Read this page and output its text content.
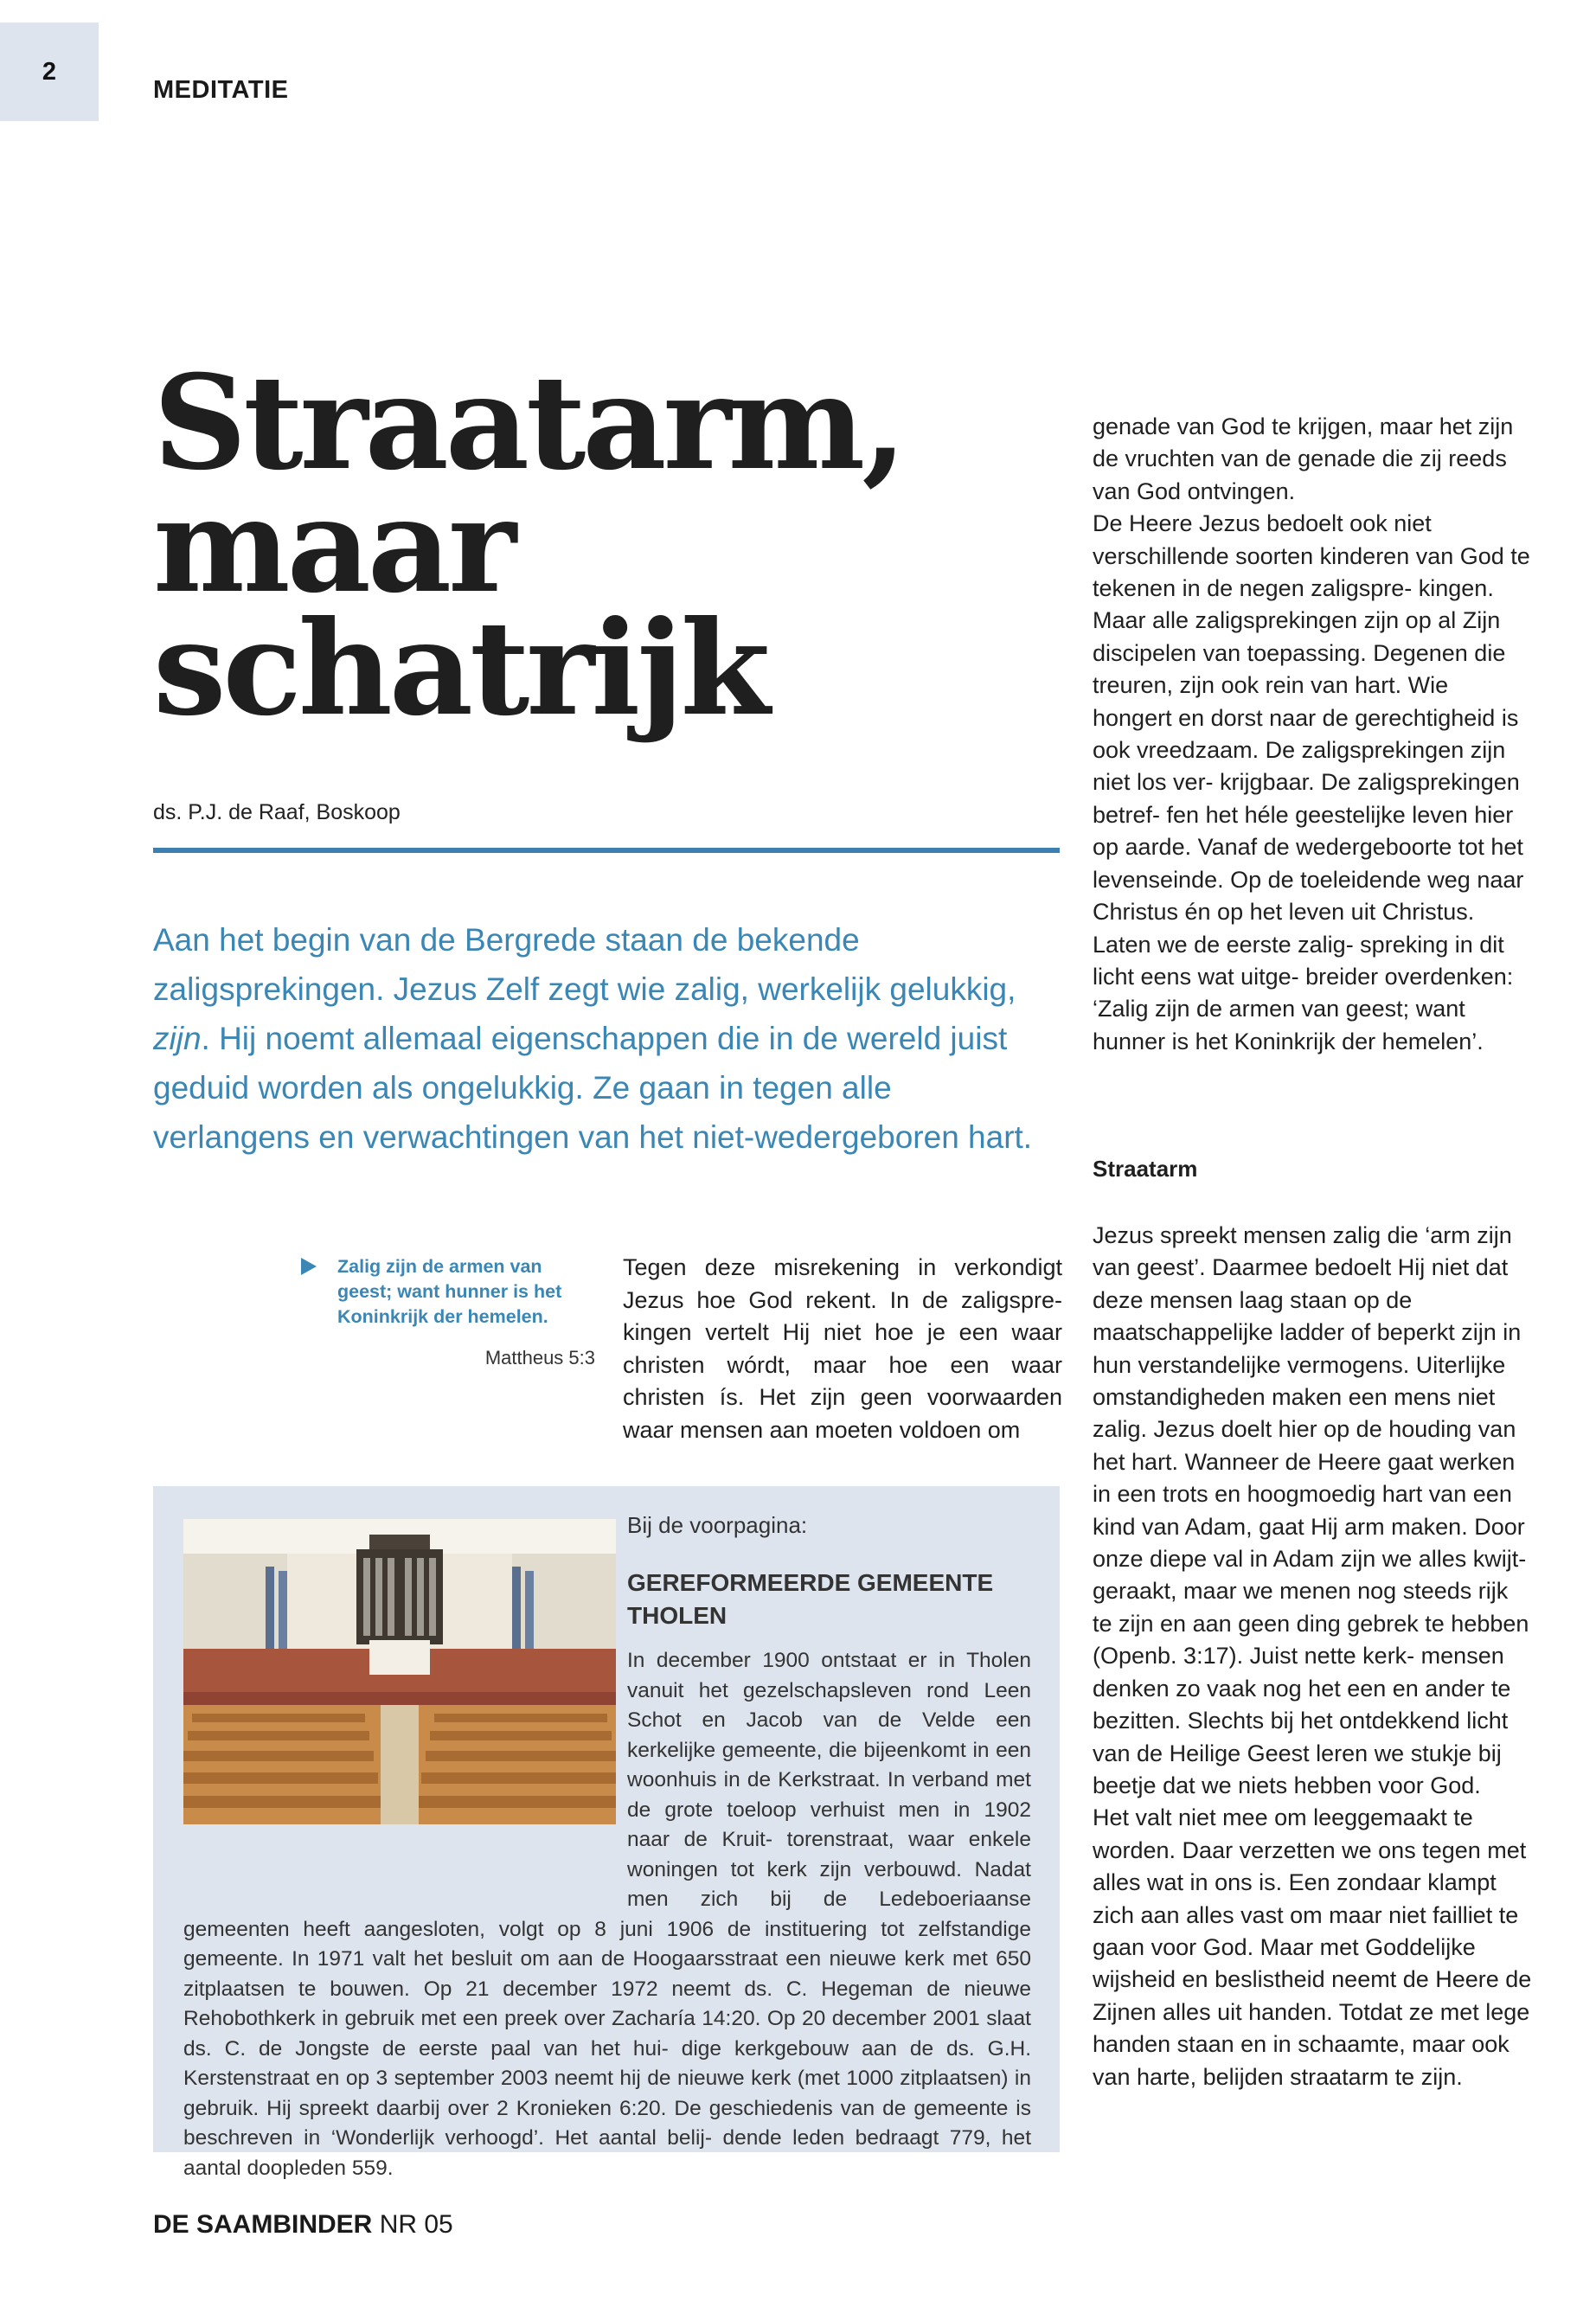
2
MEDITATIE
Straatarm,
maar
schatrijk
ds. P.J. de Raaf, Boskoop

Aan het begin van de Bergrede staan de bekende zaligsprekingen. Jezus Zelf zegt wie zalig, werkelijk gelukkig, zijn. Hij noemt allemaal eigenschappen die in de wereld juist geduid worden als ongelukkig. Ze gaan in tegen alle verlangens en verwachtingen van het niet-wedergeboren hart.

Zalig zijn de armen van geest; want hunner is het Koninkrijk der hemelen.
Mattheus 5:3

Tegen deze misrekening in verkondigt Jezus hoe God rekent. In de zaligspre- kingen vertelt Hij niet hoe je een waar christen wórdt, maar hoe een waar christen ís. Het zijn geen voorwaarden waar mensen aan moeten voldoen om

Bij de voorpagina:
GEREFORMEERDE GEMEENTE THOLEN

In december 1900 ontstaat er in Tholen vanuit het gezelschapsleven rond Leen Schot en Jacob van de Velde een kerkelijke gemeente, die bijeenkomt in een woonhuis in de Kerkstraat. In verband met de grote toeloop verhuist men in 1902 naar de Kruit- torenstraat, waar enkele woningen tot kerk zijn verbouwd. Nadat men zich bij de Ledeboeriaanse gemeenten heeft aangesloten, volgt op 8 juni 1906 de instituering tot zelfstandige gemeente. In 1971 valt het besluit om aan de Hoogaarsstraat een nieuwe kerk met 650 zitplaatsen te bouwen. Op 21 december 1972 neemt ds. C. Hegeman de nieuwe Rehobothkerk in gebruik met een preek over Zacharía 14:20. Op 20 december 2001 slaat ds. C. de Jongste de eerste paal van het hui- dige kerkgebouw aan de ds. G.H. Kerstenstraat en op 3 september 2003 neemt hij de nieuwe kerk (met 1000 zitplaatsen) in gebruik. Hij spreekt daarbij over 2 Kronieken 6:20. De geschiedenis van de gemeente is beschreven in ‘Wonderlijk verhoogd’. Het aantal belij- dende leden bedraagt 779, het aantal doopleden 559.

genade van God te krijgen, maar het zijn de vruchten van de genade die zij reeds van God ontvingen.
De Heere Jezus bedoelt ook niet verschillende soorten kinderen van God te tekenen in de negen zaligspre- kingen. Maar alle zaligsprekingen zijn op al Zijn discipelen van toepassing. Degenen die treuren, zijn ook rein van hart. Wie hongert en dorst naar de gerechtigheid is ook vreedzaam. De zaligsprekingen zijn niet los ver- krijgbaar. De zaligsprekingen betref- fen het héle geestelijke leven hier op aarde. Vanaf de wedergeboorte tot het levenseinde. Op de toeleidende weg naar Christus én op het leven uit Christus. Laten we de eerste zalig- spreking in dit licht eens wat uitge- breider overdenken: ‘Zalig zijn de armen van geest; want hunner is het Koninkrijk der hemelen’.

Straatarm

Jezus spreekt mensen zalig die ‘arm zijn van geest’. Daarmee bedoelt Hij niet dat deze mensen laag staan op de maatschappelijke ladder of beperkt zijn in hun verstandelijke vermogens. Uiterlijke omstandigheden maken een mens niet zalig. Jezus doelt hier op de houding van het hart. Wanneer de Heere gaat werken in een trots en hoogmoedig hart van een kind van Adam, gaat Hij arm maken. Door onze diepe val in Adam zijn we alles kwijt- geraakt, maar we menen nog steeds rijk te zijn en aan geen ding gebrek te hebben (Openb. 3:17). Juist nette kerk- mensen denken zo vaak nog het een en ander te bezitten. Slechts bij het ontdekkend licht van de Heilige Geest leren we stukje bij beetje dat we niets hebben voor God.
Het valt niet mee om leeggemaakt te worden. Daar verzetten we ons tegen met alles wat in ons is. Een zondaar klampt zich aan alles vast om maar niet failliet te gaan voor God. Maar met Goddelijke wijsheid en beslistheid neemt de Heere de Zijnen alles uit handen. Totdat ze met lege handen staan en in schaamte, maar ook van harte, belijden straatarm te zijn.

DE SAAMBINDER NR 05
